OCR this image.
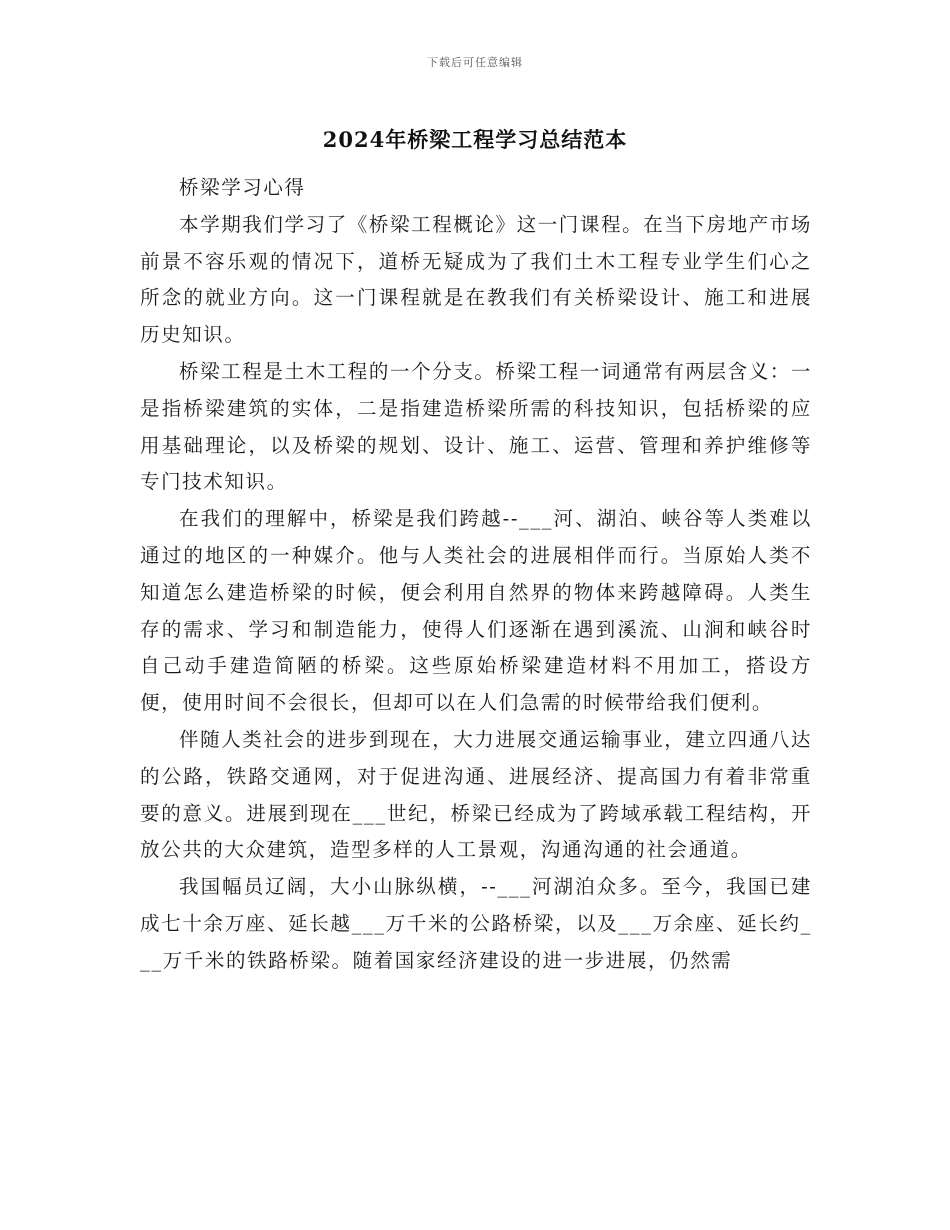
下载后可任意编辑
2024年桥梁工程学习总结范本

桥梁学习心得

本学期我们学习了《桥梁工程概论》这一门课程。在当下房地产市场前景不容乐观的情况下，道桥无疑成为了我们土木工程专业学生们心之所念的就业方向。这一门课程就是在教我们有关桥梁设计、施工和进展历史知识。

桥梁工程是土木工程的一个分支。桥梁工程一词通常有两层含义：一是指桥梁建筑的实体，二是指建造桥梁所需的科技知识，包括桥梁的应用基础理论，以及桥梁的规划、设计、施工、运营、管理和养护维修等专门技术知识。

在我们的理解中，桥梁是我们跨越--___河、湖泊、峡谷等人类难以通过的地区的一种媒介。他与人类社会的进展相伴而行。当原始人类不知道怎么建造桥梁的时候，便会利用自然界的物体来跨越障碍。人类生存的需求、学习和制造能力，使得人们逐渐在遇到溪流、山涧和峡谷时自己动手建造简陋的桥梁。这些原始桥梁建造材料不用加工，搭设方便，使用时间不会很长，但却可以在人们急需的时候带给我们便利。

伴随人类社会的进步到现在，大力进展交通运输事业，建立四通八达的公路，铁路交通网，对于促进沟通、进展经济、提高国力有着非常重要的意义。进展到现在___世纪，桥梁已经成为了跨域承载工程结构，开放公共的大众建筑，造型多样的人工景观，沟通沟通的社会通道。

我国幅员辽阔，大小山脉纵横，--___河湖泊众多。至今，我国已建成七十余万座、延长越___万千米的公路桥梁，以及___万余座、延长约___万千米的铁路桥梁。随着国家经济建设的进一步进展，仍然需
